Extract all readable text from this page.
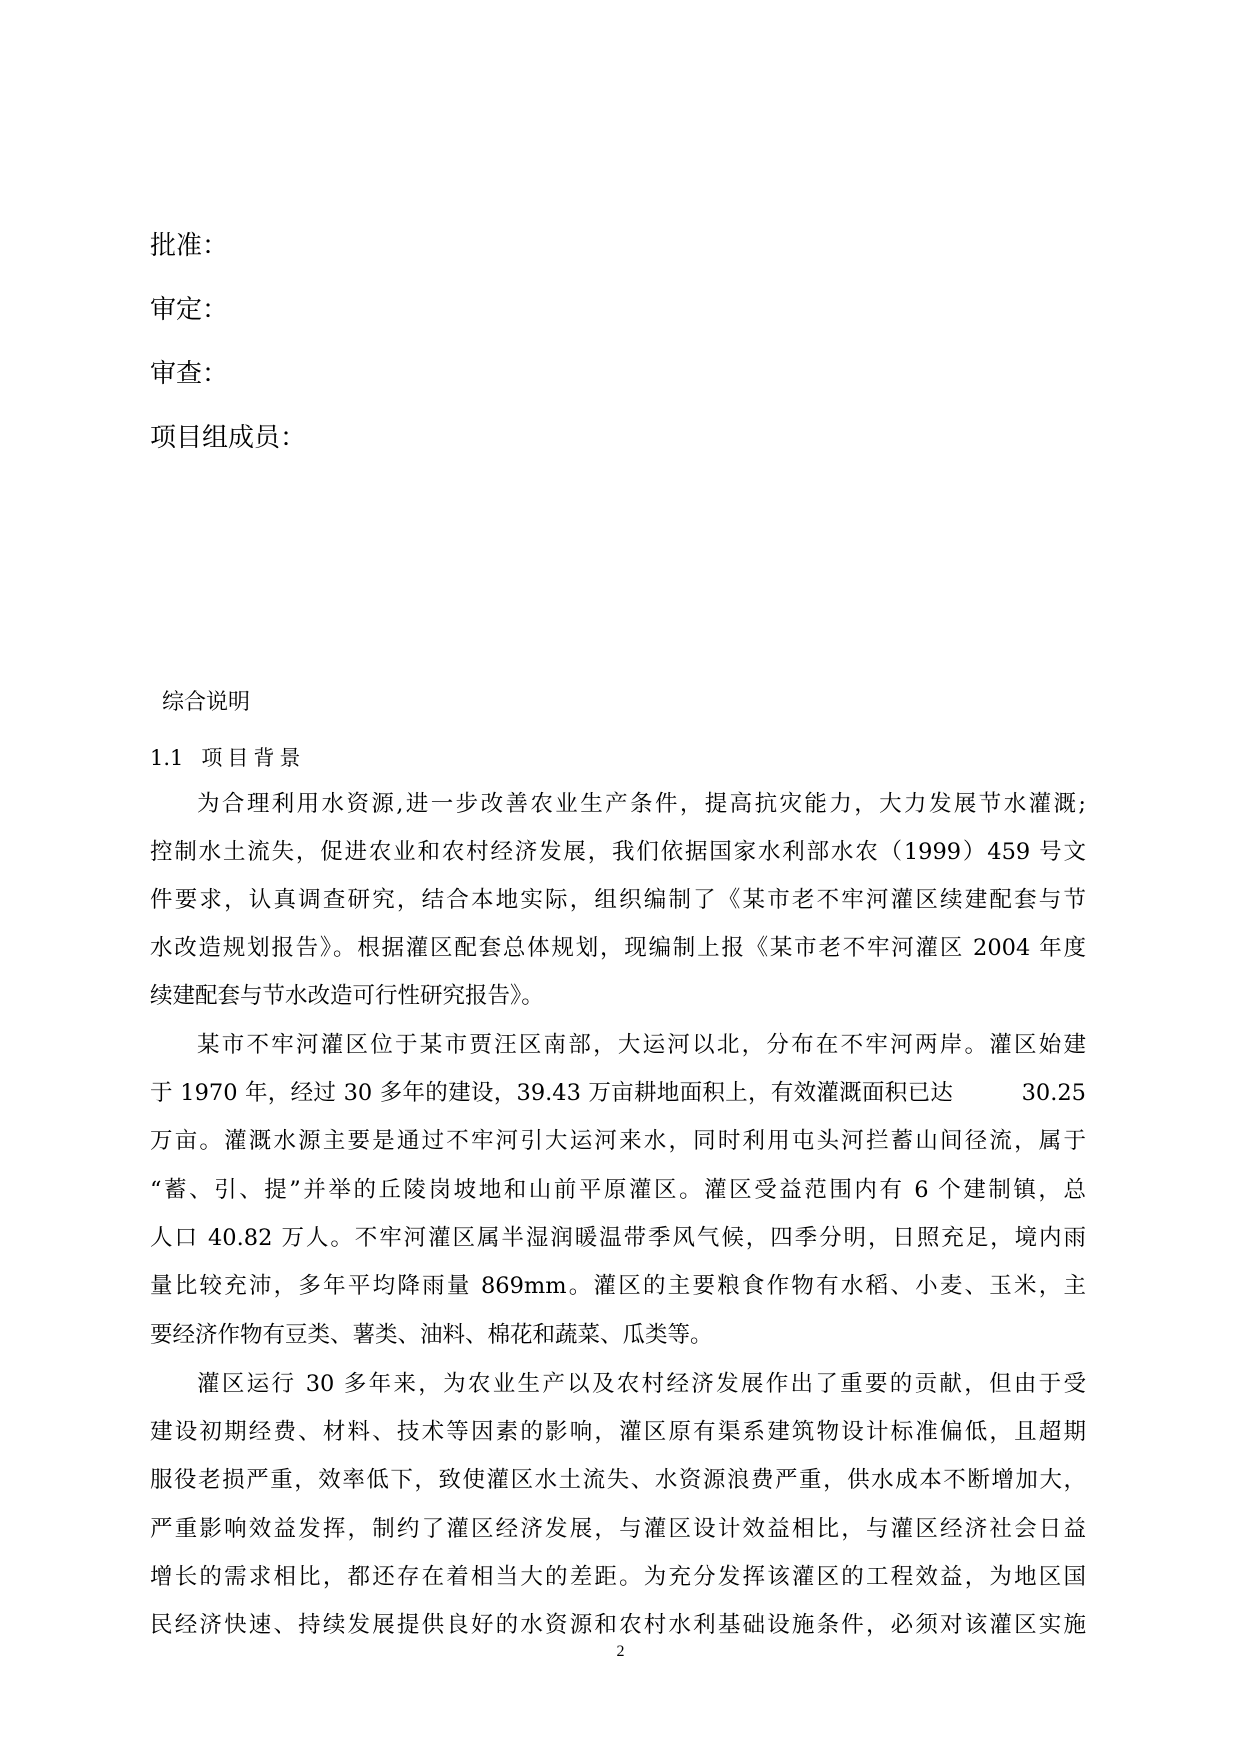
批准：
审定：
审查：
项目组成员：
综合说明
1.1 项目背景
为合理利用水资源,进一步改善农业生产条件，提高抗灾能力，大力发展节水灌溉;
控制水土流失，促进农业和农村经济发展，我们依据国家水利部水农（1999）459 号文
件要求，认真调查研究，结合本地实际，组织编制了《某市老不牢河灌区续建配套与节
水改造规划报告》。根据灌区配套总体规划，现编制上报《某市老不牢河灌区 2004 年度
续建配套与节水改造可行性研究报告》。
某市不牢河灌区位于某市贾汪区南部，大运河以北，分布在不牢河两岸。灌区始建
于 1970 年，经过 30 多年的建设，39.43 万亩耕地面积上，有效灌溉面积已达　　　30.25
万亩。灌溉水源主要是通过不牢河引大运河来水，同时利用屯头河拦蓄山间径流，属于
“蓄、引、提”并举的丘陵岗坡地和山前平原灌区。灌区受益范围内有 6 个建制镇，总
人口 40.82 万人。不牢河灌区属半湿润暖温带季风气候，四季分明，日照充足，境内雨
量比较充沛，多年平均降雨量 869mm。灌区的主要粮食作物有水稻、小麦、玉米，主
要经济作物有豆类、薯类、油料、棉花和蔬菜、瓜类等。
灌区运行 30 多年来，为农业生产以及农村经济发展作出了重要的贡献，但由于受
建设初期经费、材料、技术等因素的影响，灌区原有渠系建筑物设计标准偏低，且超期
服役老损严重，效率低下，致使灌区水土流失、水资源浪费严重，供水成本不断增加大，
严重影响效益发挥，制约了灌区经济发展，与灌区设计效益相比，与灌区经济社会日益
增长的需求相比，都还存在着相当大的差距。为充分发挥该灌区的工程效益，为地区国
民经济快速、持续发展提供良好的水资源和农村水利基础设施条件，必须对该灌区实施
2
